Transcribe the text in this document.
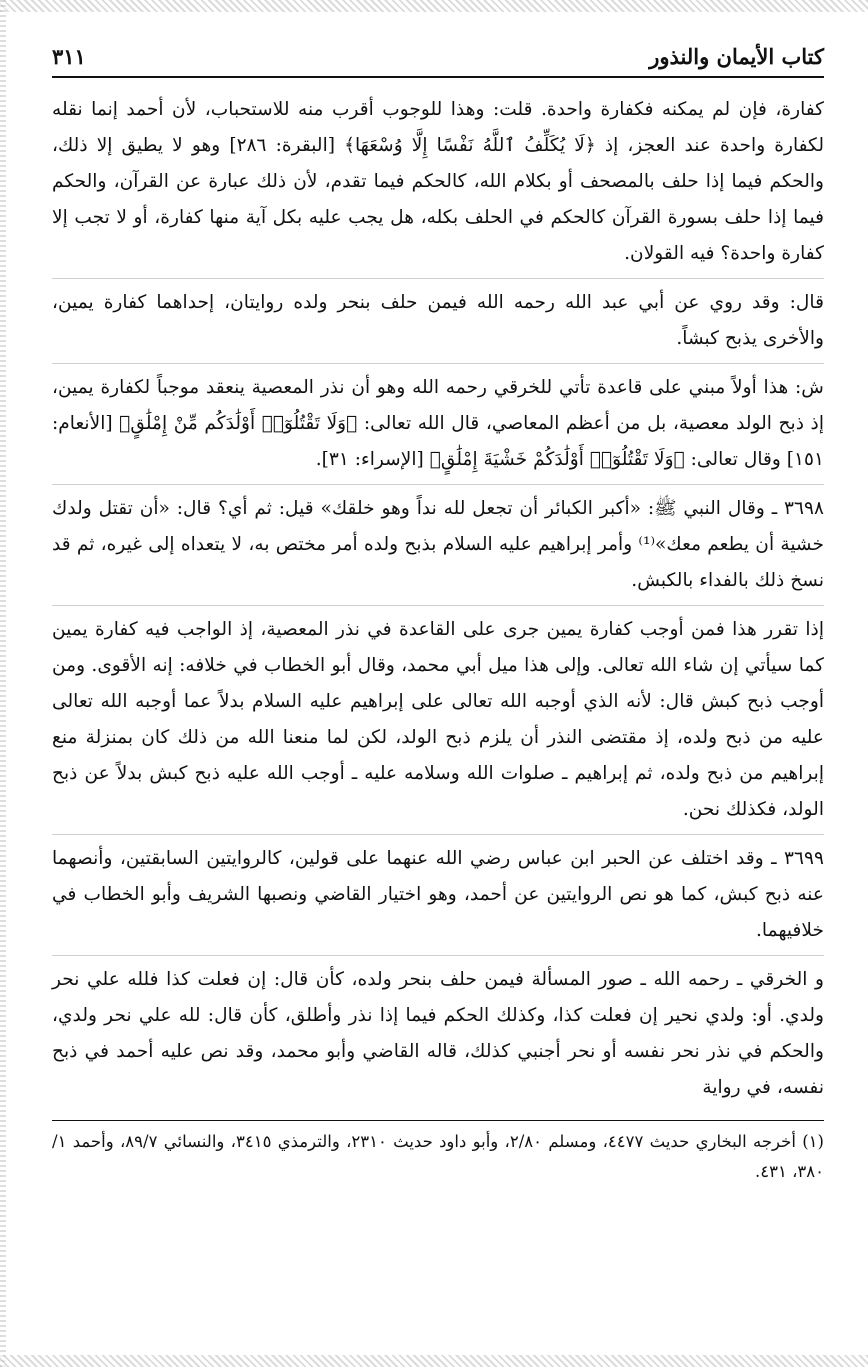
كتاب الأيمان والنذور
٣١١

كفارة، فإن لم يمكنه فكفارة واحدة. قلت: وهذا للوجوب أقرب منه للاستحباب، لأن أحمد إنما نقله لكفارة واحدة عند العجز، إذ ﴿لَا يُكَلِّفُ ٱللَّهُ نَفْسًا إِلَّا وُسْعَهَا﴾ [البقرة: ٢٨٦] وهو لا يطيق إلا ذلك، والحكم فيما إذا حلف بالمصحف أو بكلام الله، كالحكم فيما تقدم، لأن ذلك عبارة عن القرآن، والحكم فيما إذا حلف بسورة القرآن كالحكم في الحلف بكله، هل يجب عليه بكل آية منها كفارة، أو لا تجب إلا كفارة واحدة؟ فيه القولان.

قال: وقد روي عن أبي عبد الله رحمه الله فيمن حلف بنحر ولده روايتان، إحداهما كفارة يمين، والأخرى يذبح كبشاً.

ش: هذا أولاً مبني على قاعدة تأتي للخرقي رحمه الله وهو أن نذر المعصية ينعقد موجباً لكفارة يمين، إذ ذبح الولد معصية، بل من أعظم المعاصي، قال الله تعالى: ﴿وَلَا تَقْتُلُوٓا۟ أَوْلَٰدَكُم مِّنْ إِمْلَٰقٍ﴾ [الأنعام: ١٥١] وقال تعالى: ﴿وَلَا تَقْتُلُوٓا۟ أَوْلَٰدَكُمْ خَشْيَةَ إِمْلَٰقٍ﴾ [الإسراء: ٣١].

٣٦٩٨ ـ وقال النبي ﷺ: «أكبر الكبائر أن تجعل لله نداً وهو خلقك» قيل: ثم أي؟ قال: «أن تقتل ولدك خشية أن يطعم معك»⁽¹⁾ وأمر إبراهيم عليه السلام بذبح ولده أمر مختص به، لا يتعداه إلى غيره، ثم قد نسخ ذلك بالفداء بالكبش.

إذا تقرر هذا فمن أوجب كفارة يمين جرى على القاعدة في نذر المعصية، إذ الواجب فيه كفارة يمين كما سيأتي إن شاء الله تعالى. وإلى هذا ميل أبي محمد، وقال أبو الخطاب في خلافه: إنه الأقوى. ومن أوجب ذبح كبش قال: لأنه الذي أوجبه الله تعالى على إبراهيم عليه السلام بدلاً عما أوجبه الله تعالى عليه من ذبح ولده، إذ مقتضى النذر أن يلزم ذبح الولد، لكن لما منعنا الله من ذلك كان بمنزلة منع إبراهيم من ذبح ولده، ثم إبراهيم ـ صلوات الله وسلامه عليه ـ أوجب الله عليه ذبح كبش بدلاً عن ذبح الولد، فكذلك نحن.

٣٦٩٩ ـ وقد اختلف عن الحبر ابن عباس رضي الله عنهما على قولين، كالروايتين السابقتين، وأنصهما عنه ذبح كبش، كما هو نص الروايتين عن أحمد، وهو اختيار القاضي ونصبها الشريف وأبو الخطاب في خلافيهما.

و الخرقي ـ رحمه الله ـ صور المسألة فيمن حلف بنحر ولده، كأن قال: إن فعلت كذا فلله علي نحر ولدي. أو: ولدي نحير إن فعلت كذا، وكذلك الحكم فيما إذا نذر وأطلق، كأن قال: لله علي نحر ولدي، والحكم في نذر نحر نفسه أو نحر أجنبي كذلك، قاله القاضي وأبو محمد، وقد نص عليه أحمد في ذبح نفسه، في رواية

(١) أخرجه البخاري حديث ٤٤٧٧، ومسلم ٢/٨٠، وأبو داود حديث ٢٣١٠، والترمذي ٣٤١٥، والنسائي ٨٩/٧، وأحمد ١/ ٣٨٠، ٤٣١.
